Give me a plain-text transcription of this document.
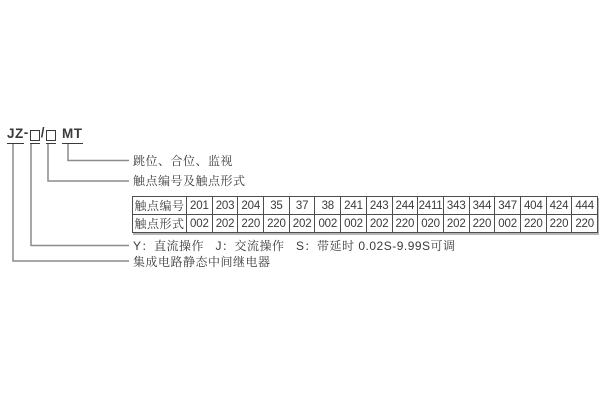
JZ - / MT
跳位、合位、监视
触点编号及触点形式
触点编号	201	203	204	35	37	38	241	243	244	2411	343	344	347	404	424	444
触点形式	002	202	220	220	202	002	002	202	220	020	202	220	002	220	220	220
Y：直流操作   J：交流操作   S：带延时 0.02S-9.99S可调
集成电路静态中间继电器
